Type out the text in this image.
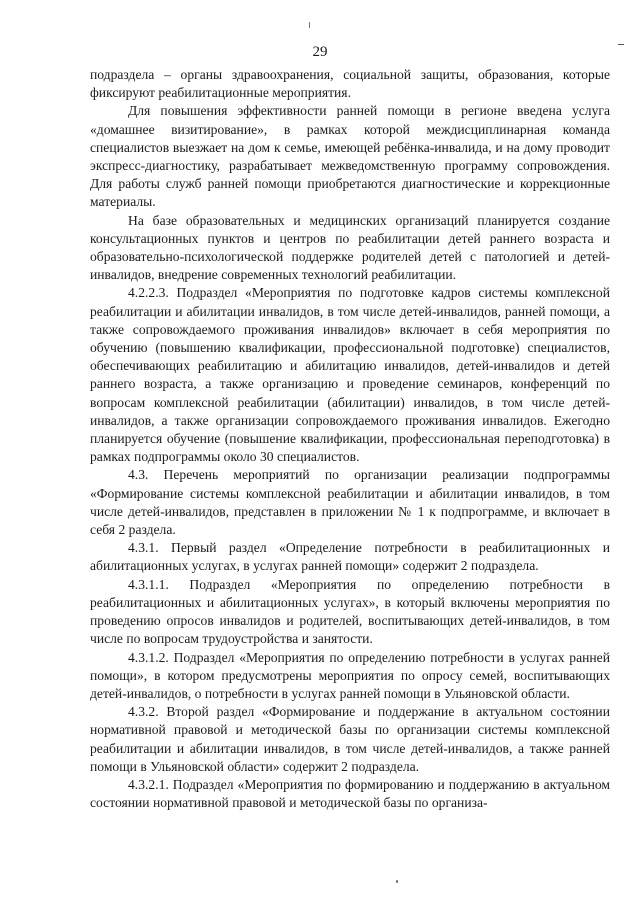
29

подраздела – органы здравоохранения, социальной защиты, образования, которые фиксируют реабилитационные мероприятия.

Для повышения эффективности ранней помощи в регионе введена услуга «домашнее визитирование», в рамках которой междисциплинарная команда специалистов выезжает на дом к семье, имеющей ребёнка-инвалида, и на дому проводит экспресс-диагностику, разрабатывает межведомственную программу сопровождения. Для работы служб ранней помощи приобретаются диагностические и коррекционные материалы.

На базе образовательных и медицинских организаций планируется создание консультационных пунктов и центров по реабилитации детей раннего возраста и образовательно-психологической поддержке родителей детей с патологией и детей-инвалидов, внедрение современных технологий реабилитации.

4.2.2.3. Подраздел «Мероприятия по подготовке кадров системы комплексной реабилитации и абилитации инвалидов, в том числе детей-инвалидов, ранней помощи, а также сопровождаемого проживания инвалидов» включает в себя мероприятия по обучению (повышению квалификации, профессиональной подготовке) специалистов, обеспечивающих реабилитацию и абилитацию инвалидов, детей-инвалидов и детей раннего возраста, а также организацию и проведение семинаров, конференций по вопросам комплексной реабилитации (абилитации) инвалидов, в том числе детей-инвалидов, а также организации сопровождаемого проживания инвалидов. Ежегодно планируется обучение (повышение квалификации, профессиональная переподготовка) в рамках подпрограммы около 30 специалистов.

4.3. Перечень мероприятий по организации реализации подпрограммы «Формирование системы комплексной реабилитации и абилитации инвалидов, в том числе детей-инвалидов, представлен в приложении № 1 к подпрограмме, и включает в себя 2 раздела.

4.3.1. Первый раздел «Определение потребности в реабилитационных и абилитационных услугах, в услугах ранней помощи» содержит 2 подраздела.

4.3.1.1. Подраздел «Мероприятия по определению потребности в реабилитационных и абилитационных услугах», в который включены мероприятия по проведению опросов инвалидов и родителей, воспитывающих детей-инвалидов, в том числе по вопросам трудоустройства и занятости.

4.3.1.2. Подраздел «Мероприятия по определению потребности в услугах ранней помощи», в котором предусмотрены мероприятия по опросу семей, воспитывающих детей-инвалидов, о потребности в услугах ранней помощи в Ульяновской области.

4.3.2. Второй раздел «Формирование и поддержание в актуальном состоянии нормативной правовой и методической базы по организации системы комплексной реабилитации и абилитации инвалидов, в том числе детей-инвалидов, а также ранней помощи в Ульяновской области» содержит 2 подраздела.

4.3.2.1. Подраздел «Мероприятия по формированию и поддержанию в актуальном состоянии нормативной правовой и методической базы по организа-
